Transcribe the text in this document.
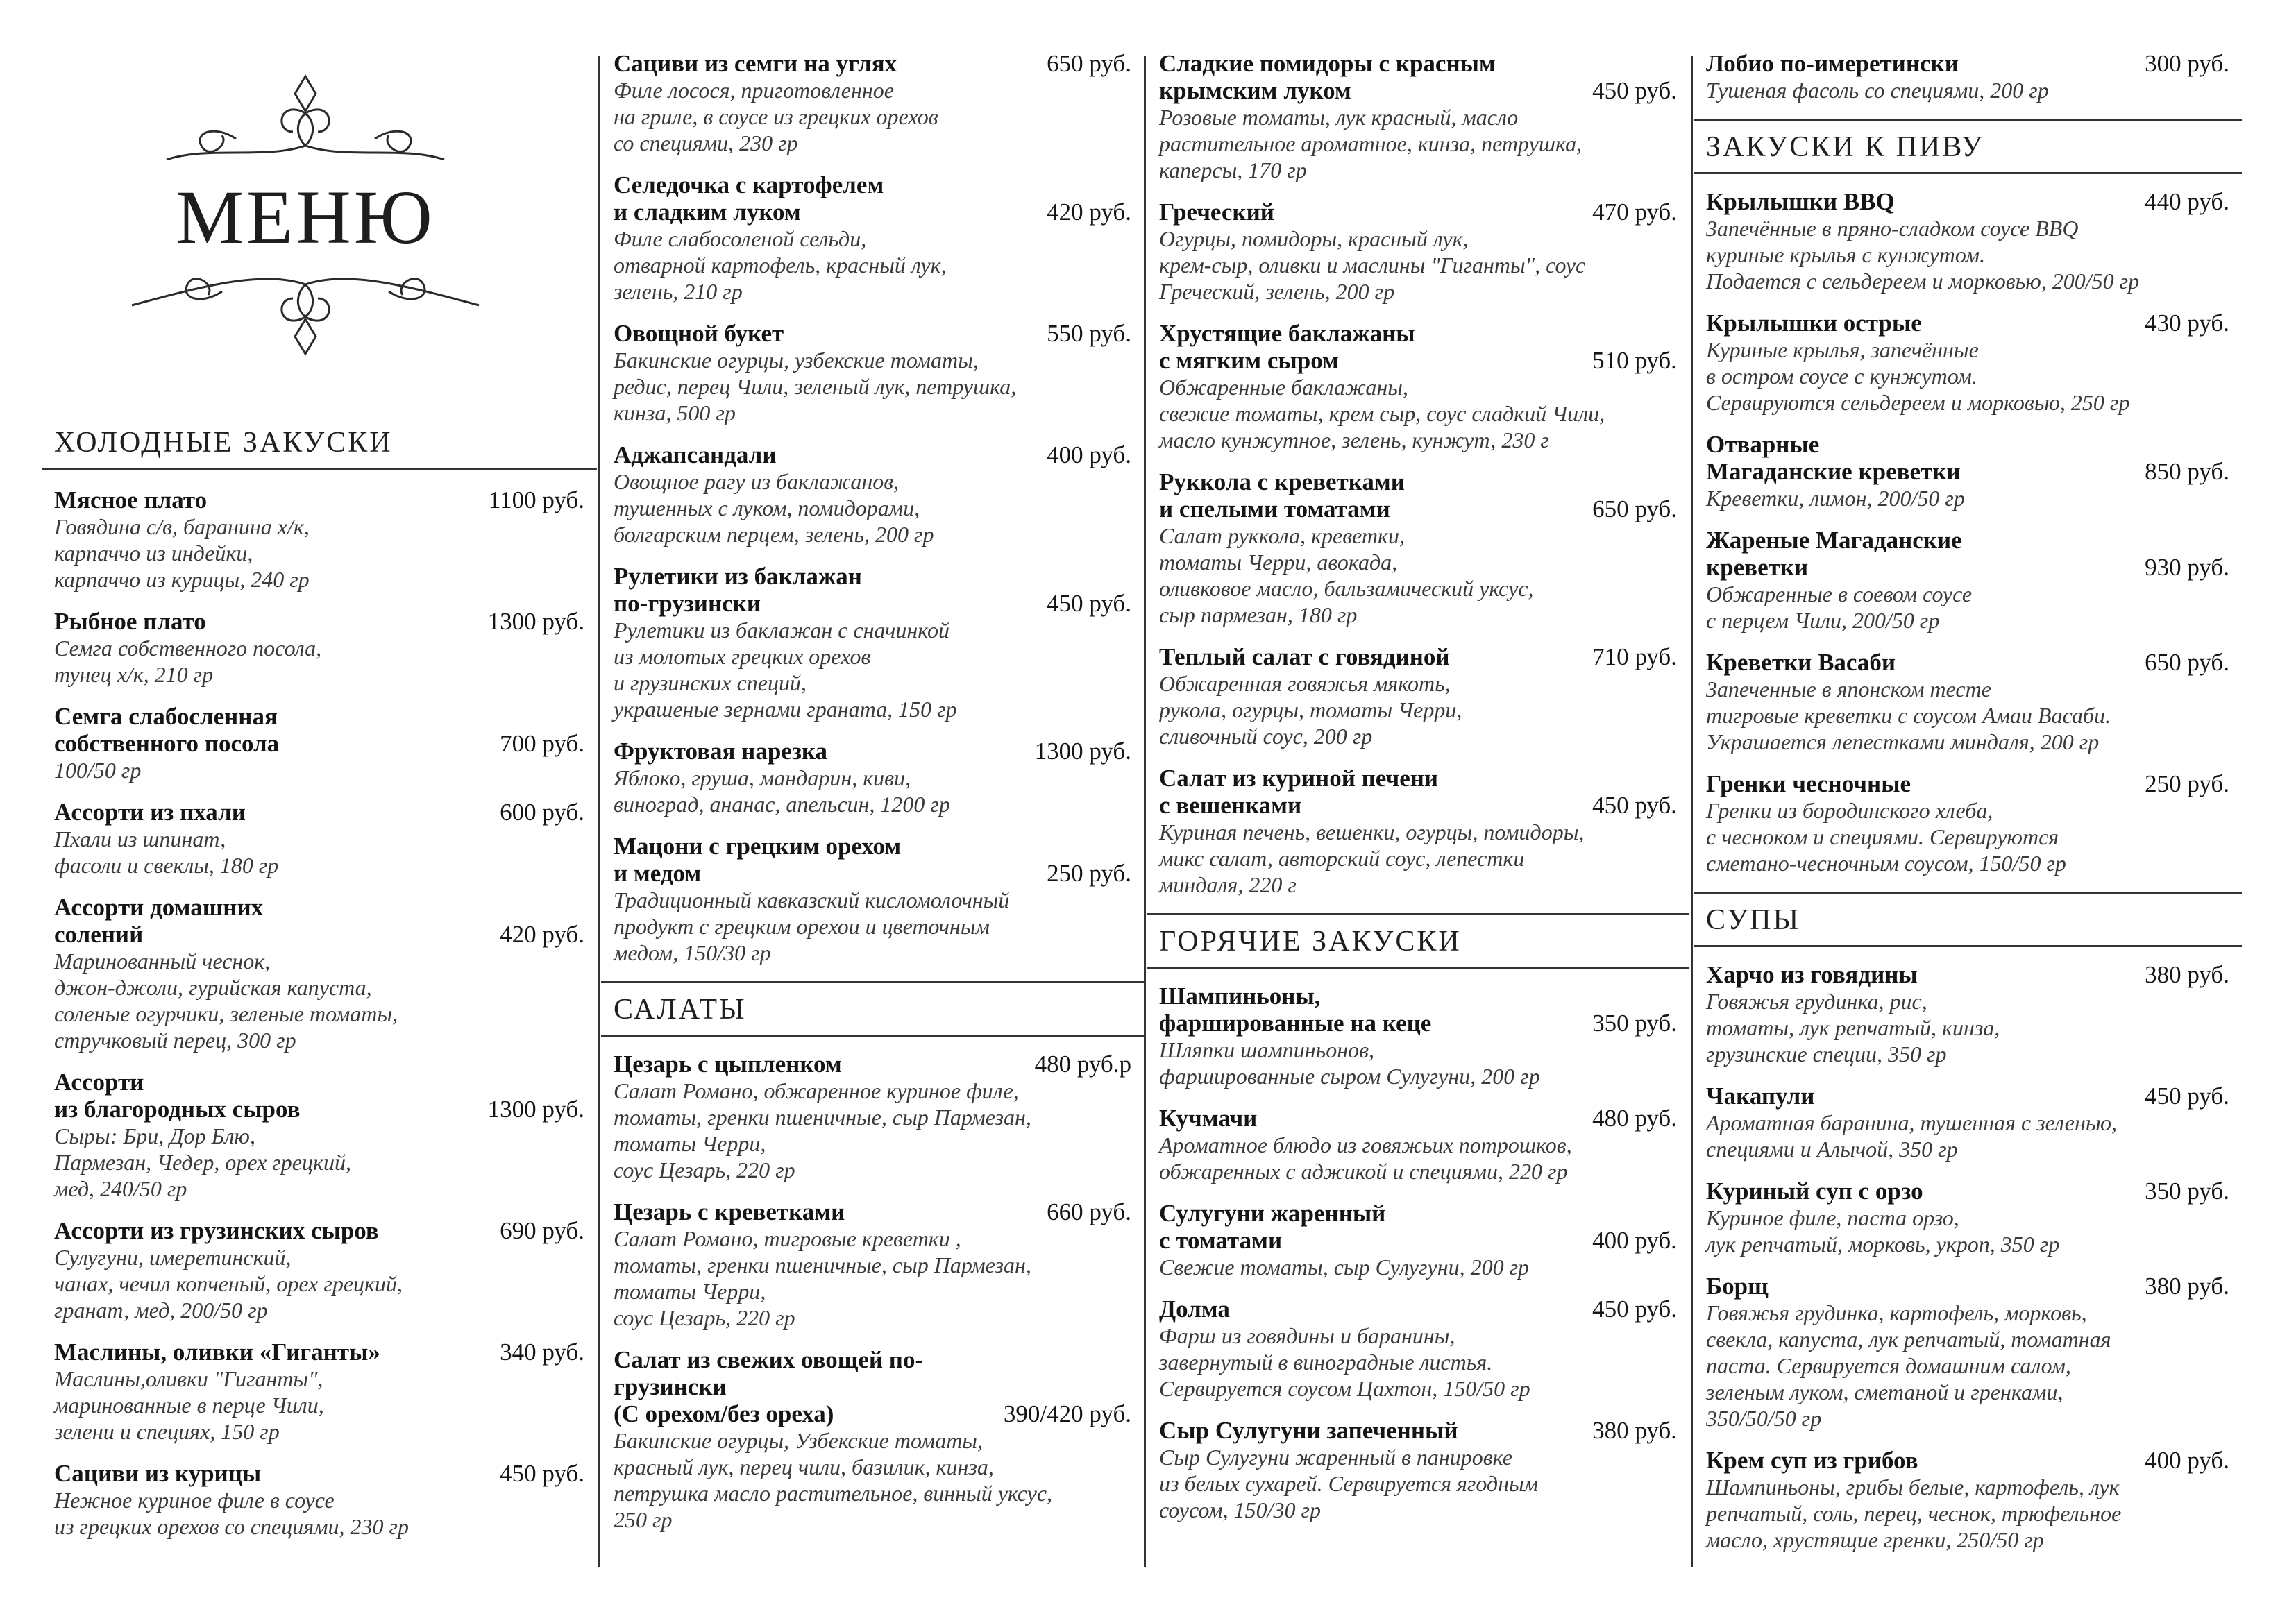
МЕНЮ
ХОЛОДНЫЕ ЗАКУСКИ
Мясное плато	1100 руб.
Говядина с/в, баранина х/к,
карпаччо из индейки,
карпаччо из курицы, 240 гр
Рыбное плато	1300 руб.
Семга собственного посола,
тунец х/к, 210 гр
Семга слабосленная
собственного посола	700 руб.
100/50 гр
Ассорти из пхали	600 руб.
Пхали из шпинат,
фасоли и свеклы, 180 гр
Ассорти домашних
солений	420 руб.
Маринованный чеснок,
джон-джоли, гурийская капуста,
соленые огурчики, зеленые томаты,
стручковый перец, 300 гр
Ассорти
из благородных сыров	1300 руб.
Сыры: Бри, Дор Блю,
Пармезан, Чедер, орех грецкий,
мед, 240/50 гр
Ассорти из грузинских сыров	690 руб.
Сулугуни, имеретинский,
чанах, чечил копченый, орех грецкий,
гранат, мед, 200/50 гр
Маслины, оливки «Гиганты»	340 руб.
Маслины,оливки "Гиганты",
маринованные в перце Чили,
зелени и специях, 150 гр
Сациви из курицы	450 руб.
Нежное куриное филе в соусе
из грецких орехов со специями, 230 гр
Сациви из семги на углях	650 руб.
Филе лосося, приготовленное
на гриле, в соусе из грецких орехов
со специями, 230 гр
Селедочка с картофелем
и сладким луком	420 руб.
Филе слабосоленой сельди,
отварной картофель, красный лук,
зелень, 210 гр
Овощной букет	550 руб.
Бакинские огурцы, узбекские томаты,
редис, перец Чили, зеленый лук, петрушка,
кинза, 500 гр
Аджапсандали	400 руб.
Овощное рагу из баклажанов,
тушенных с луком, помидорами,
болгарским перцем, зелень, 200 гр
Рулетики из баклажан
по-грузински	450 руб.
Рулетики из баклажан с сначинкой
из молотых грецких орехов
и грузинских специй,
украшеные зернами граната, 150 гр
Фруктовая нарезка	1300 руб.
Яблоко, груша, мандарин, киви,
виноград, ананас, апельсин, 1200 гр
Мацони с грецким орехом
и медом	250 руб.
Традиционный кавказский кисломолочный
продукт с грецким орехои и цветочным
медом, 150/30 гр
САЛАТЫ
Цезарь с цыпленком	480 руб.р
Салат Романо, обжаренное куриное филе,
томаты, гренки пшеничные, сыр Пармезан,
томаты Черри,
соус Цезарь, 220 гр
Цезарь с креветками	660 руб.
Салат Романо, тигровые креветки ,
томаты, гренки пшеничные, сыр Пармезан,
томаты Черри,
соус Цезарь, 220 гр
Салат из свежих овощей по-грузински
(С орехом/без ореха)	390/420 руб.
Бакинские огурцы, Узбекские томаты,
красный лук, перец чили, базилик, кинза,
петрушка масло растительное, винный уксус,
250 гр
Сладкие помидоры с красным
крымским луком	450 руб.
Розовые томаты, лук красный, масло
растительное ароматное, кинза, петрушка,
каперсы, 170 гр
Греческий	470 руб.
Огурцы, помидоры, красный лук,
крем-сыр, оливки и маслины "Гиганты", соус
Греческий, зелень, 200 гр
Хрустящие баклажаны
с мягким сыром	510 руб.
Обжаренные баклажаны,
свежие томаты, крем сыр, соус сладкий Чили,
масло кунжутное, зелень, кунжут, 230 г
Руккола с креветками
и спелыми томатами	650 руб.
Салат руккола, креветки,
томаты Черри, авокада,
оливковое масло, бальзамический уксус,
сыр пармезан, 180 гр
Теплый салат с говядиной	710 руб.
Обжаренная говяжья мякоть,
рукола, огурцы, томаты Черри,
сливочный соус, 200 гр
Салат из куриной печени
с вешенками	450 руб.
Куриная печень, вешенки, огурцы, помидоры,
микс салат, авторский соус, лепестки
миндаля, 220 г
ГОРЯЧИЕ ЗАКУСКИ
Шампиньоны,
фаршированные на кеце	350 руб.
Шляпки шампиньонов,
фаршированные сыром Сулугуни, 200 гр
Кучмачи	480 руб.
Ароматное блюдо из говяжьих потрошков,
обжаренных с аджикой и специями, 220 гр
Сулугуни жаренный
с томатами	400 руб.
Свежие томаты, сыр Сулугуни, 200 гр
Долма	450 руб.
Фарш из говядины и баранины,
завернутый в виноградные листья.
Сервируется соусом Цахтон, 150/50 гр
Сыр Сулугуни запеченный	380 руб.
Сыр Сулугуни жаренный в панировке
из белых сухарей. Сервируется ягодным
соусом, 150/30 гр
Лобио по-имеретински	300 руб.
Тушеная фасоль со специями, 200 гр
ЗАКУСКИ К ПИВУ
Крылышки BBQ	440 руб.
Запечённые в пряно-сладком соусе BBQ
куриные крылья с кунжутом.
Подается с сельдереем и морковью, 200/50 гр
Крылышки острые	430 руб.
Куриные крылья, запечённые
в остром соусе с кунжутом.
Сервируются сельдереем и морковью, 250 гр
Отварные
Магаданские креветки	850 руб.
Креветки, лимон, 200/50 гр
Жареные Магаданские
креветки	930 руб.
Обжаренные в соевом соусе
с перцем Чили, 200/50 гр
Креветки Васаби	650 руб.
Запеченные в японском тесте
тигровые креветки с соусом Амаи Васаби.
Украшается лепестками миндаля, 200 гр
Гренки чесночные	250 руб.
Гренки из бородинского хлеба,
с чесноком и специями. Сервируются
сметано-чесночным соусом, 150/50 гр
СУПЫ
Харчо из говядины	380 руб.
Говяжья грудинка, рис,
томаты, лук репчатый, кинза,
грузинские специи, 350 гр
Чакапули	450 руб.
Ароматная баранина, тушенная с зеленью,
специями и Алычой, 350 гр
Куриный суп с орзо	350 руб.
Куриное филе, паста орзо,
лук репчатый, морковь, укроп, 350 гр
Борщ	380 руб.
Говяжья грудинка, картофель, морковь,
свекла, капуста, лук репчатый, томатная
паста. Сервируется домашним салом,
зеленым луком, сметаной и гренками,
350/50/50 гр
Крем суп из грибов	400 руб.
Шампиньоны, грибы белые, картофель, лук
репчатый, соль, перец, чеснок, трюфельное
масло, хрустящие гренки, 250/50 гр
